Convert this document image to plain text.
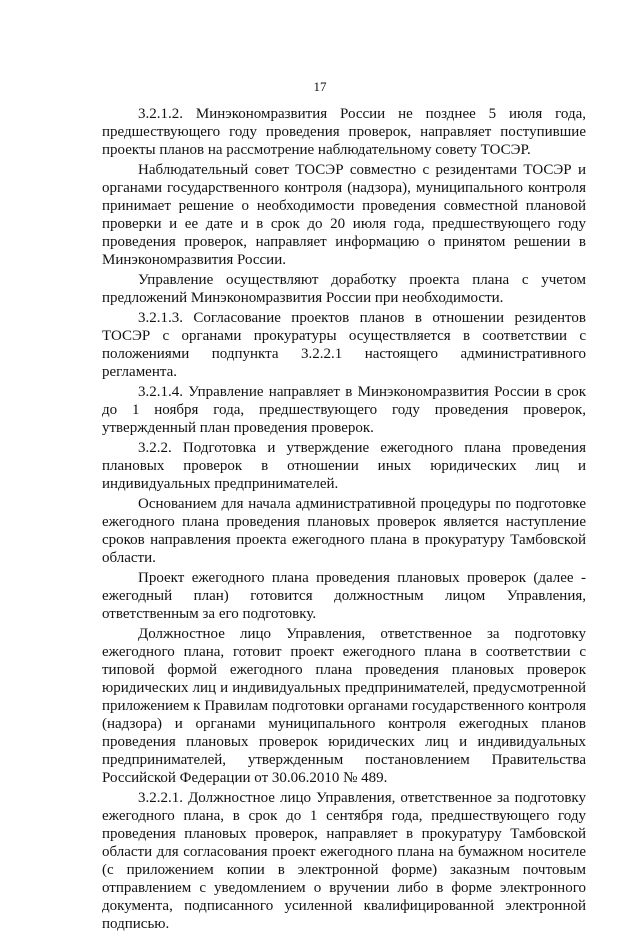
17

3.2.1.2. Минэкономразвития России не позднее 5 июля года, предшествующего году проведения проверок, направляет поступившие проекты планов на рассмотрение наблюдательному совету ТОСЭР.

Наблюдательный совет ТОСЭР совместно с резидентами ТОСЭР и органами государственного контроля (надзора), муниципального контроля принимает решение о необходимости проведения совместной плановой проверки и ее дате и в срок до 20 июля года, предшествующего году проведения проверок, направляет информацию о принятом решении в Минэкономразвития России.

Управление осуществляют доработку проекта плана с учетом предложений Минэкономразвития России при необходимости.

3.2.1.3. Согласование проектов планов в отношении резидентов ТОСЭР с органами прокуратуры осуществляется в соответствии с положениями подпункта 3.2.2.1 настоящего административного регламента.

3.2.1.4. Управление направляет в Минэкономразвития России в срок до 1 ноября года, предшествующего году проведения проверок, утвержденный план проведения проверок.

3.2.2. Подготовка и утверждение ежегодного плана проведения плановых проверок в отношении иных юридических лиц и индивидуальных предпринимателей.

Основанием для начала административной процедуры по подготовке ежегодного плана проведения плановых проверок является наступление сроков направления проекта ежегодного плана в прокуратуру Тамбовской области.

Проект ежегодного плана проведения плановых проверок (далее - ежегодный план) готовится должностным лицом Управления, ответственным за его подготовку.

Должностное лицо Управления, ответственное за подготовку ежегодного плана, готовит проект ежегодного плана в соответствии с типовой формой ежегодного плана проведения плановых проверок юридических лиц и индивидуальных предпринимателей, предусмотренной приложением к Правилам подготовки органами государственного контроля (надзора) и органами муниципального контроля ежегодных планов проведения плановых проверок юридических лиц и индивидуальных предпринимателей, утвержденным постановлением Правительства Российской Федерации от 30.06.2010 № 489.

3.2.2.1. Должностное лицо Управления, ответственное за подготовку ежегодного плана, в срок до 1 сентября года, предшествующего году проведения плановых проверок, направляет в прокуратуру Тамбовской области для согласования проект ежегодного плана на бумажном носителе (с приложением копии в электронной форме) заказным почтовым отправлением с уведомлением о вручении либо в форме электронного документа, подписанного усиленной квалифицированной электронной подписью.
